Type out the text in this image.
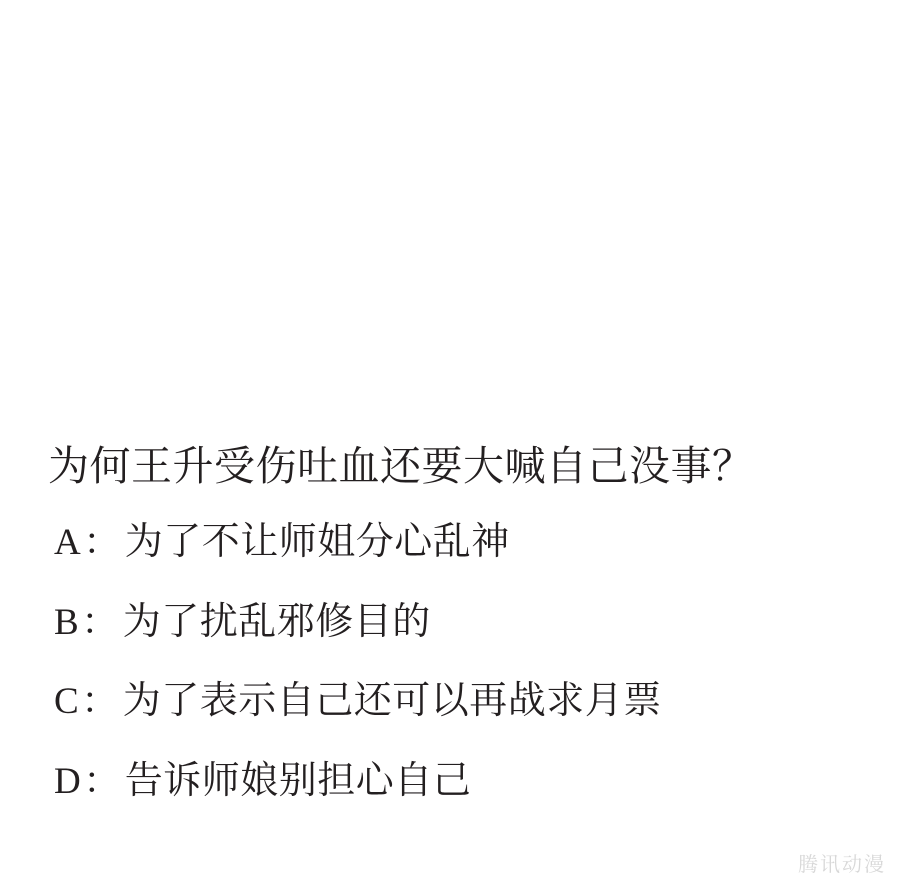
为何王升受伤吐血还要大喊自己没事？
A ： 为了不让师姐分心乱神
B ： 为了扰乱邪修目的
C ： 为了表示自己还可以再战求月票
D ： 告诉师娘别担心自己
腾讯动漫
